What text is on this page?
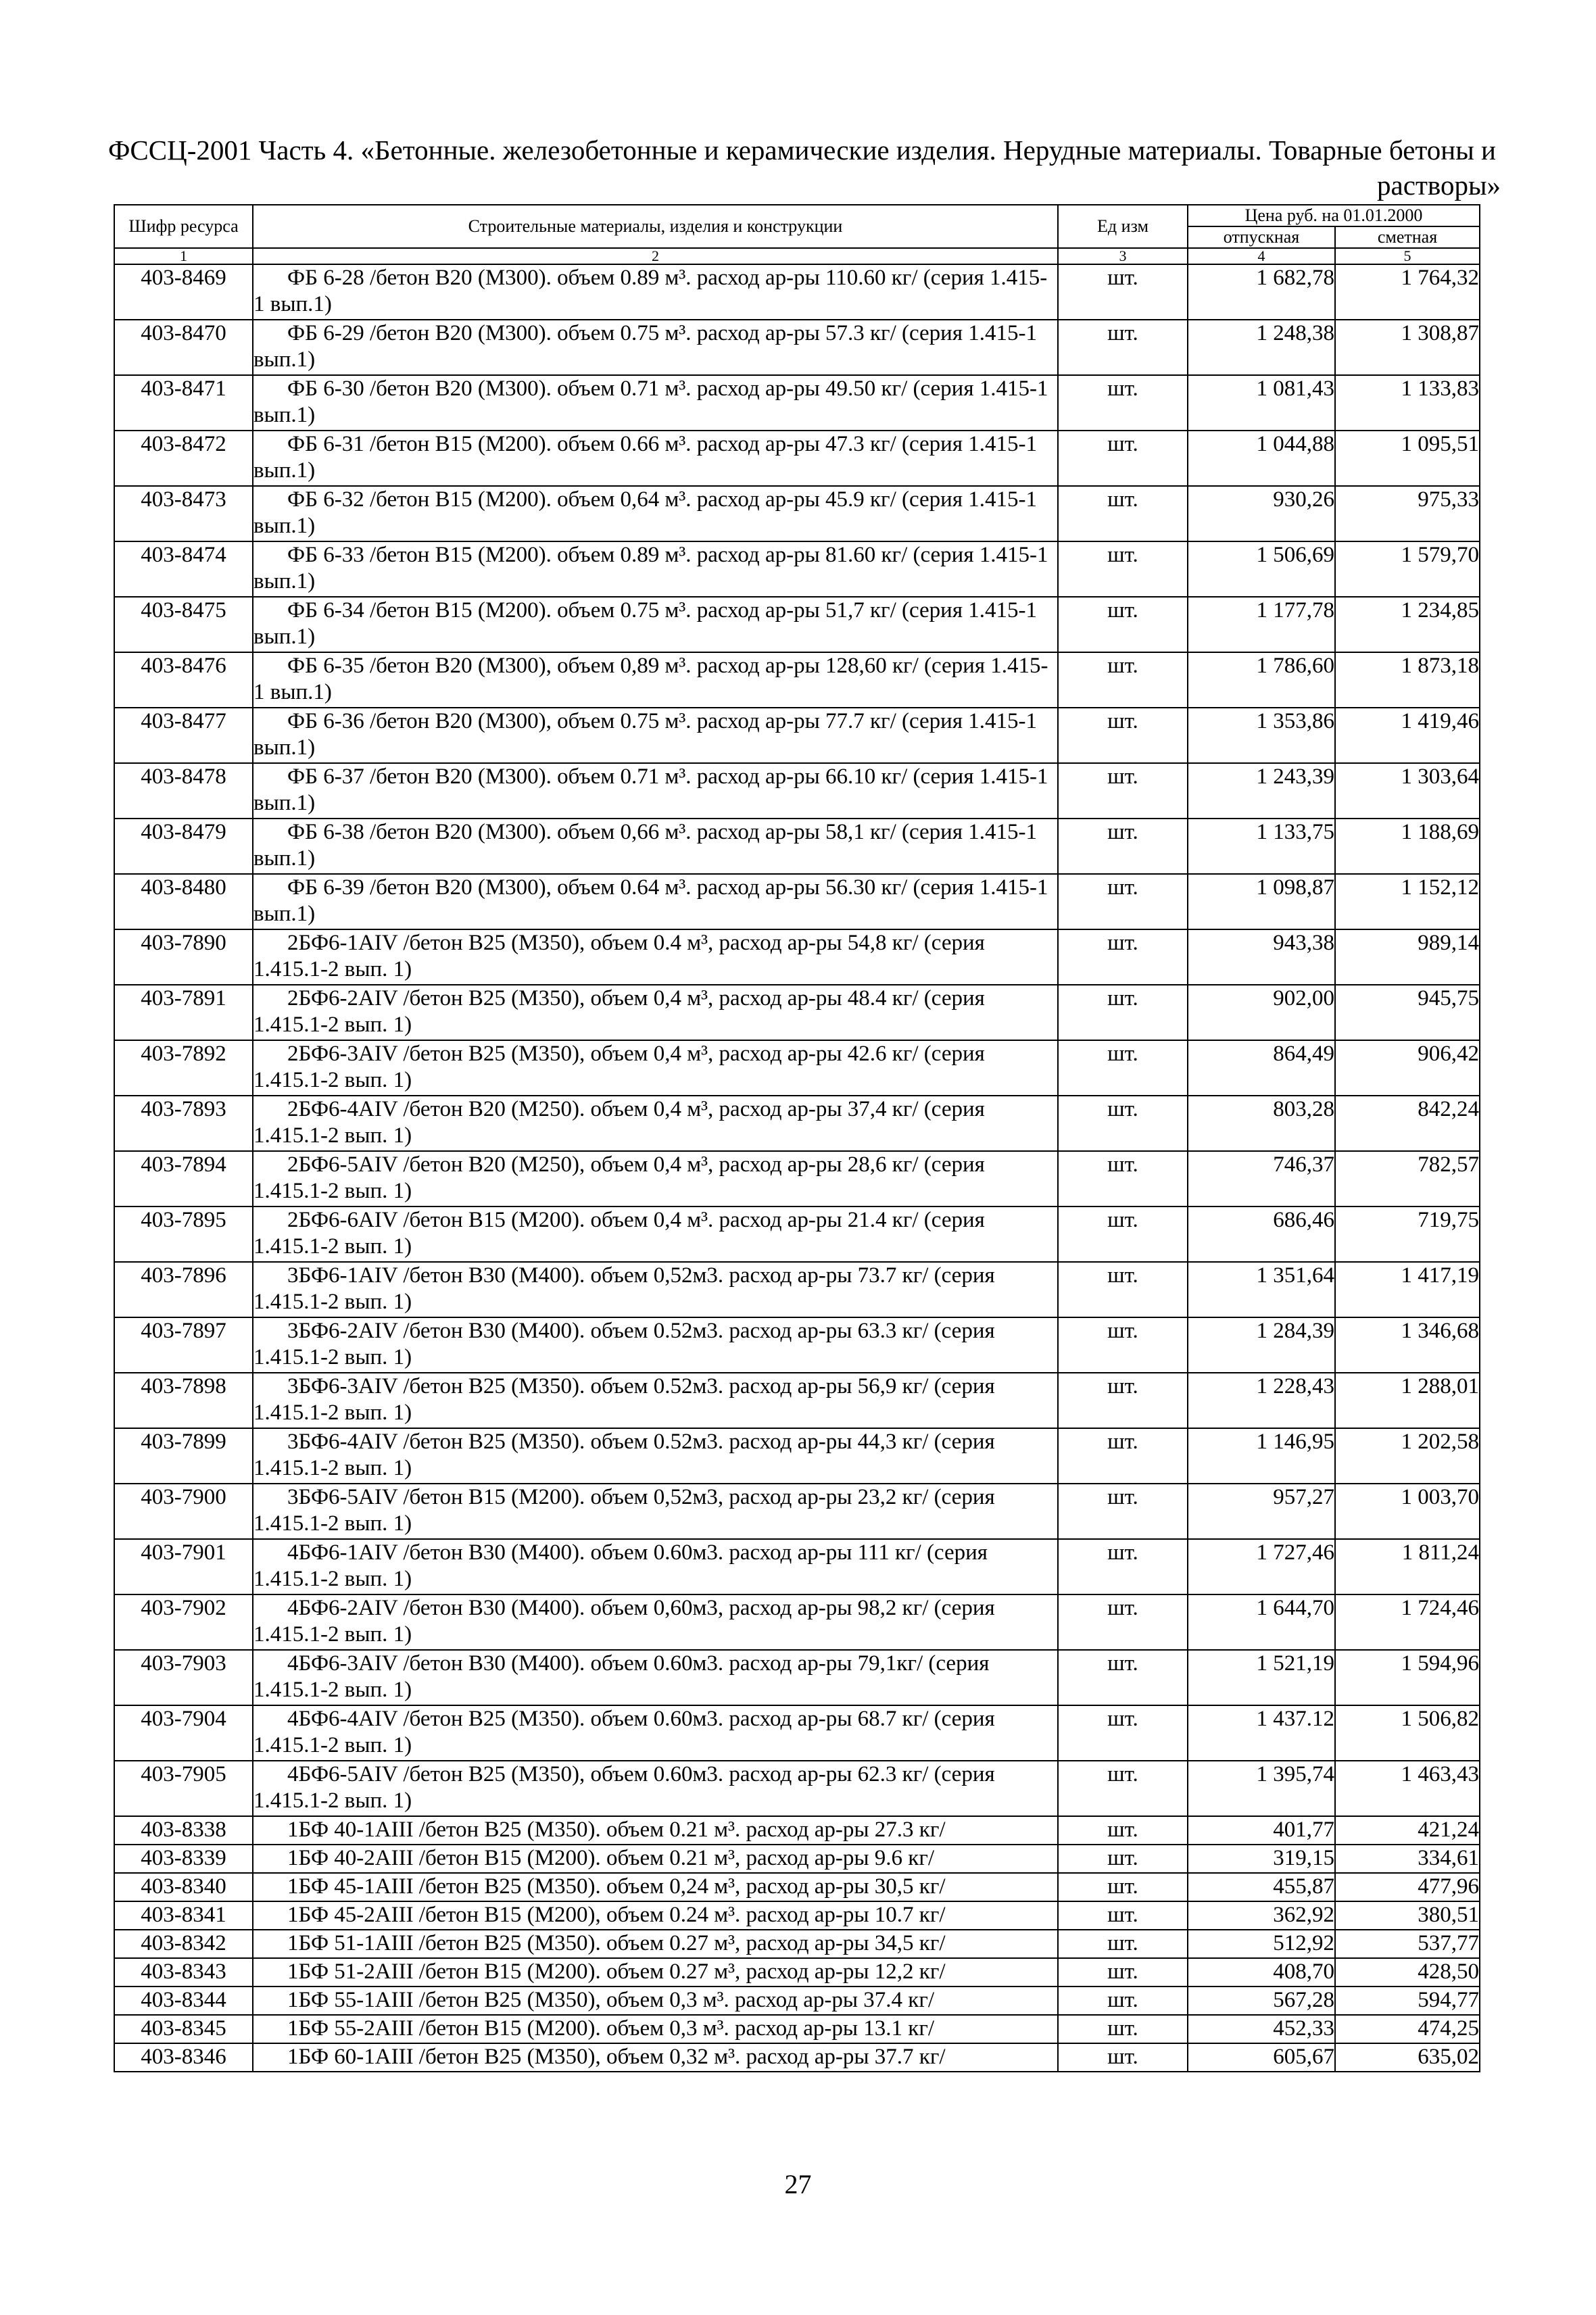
ФССЦ-2001 Часть 4. «Бетонные. железобетонные и керамические изделия. Нерудные материалы. Товарные бетоны и
растворы»
Шифр ресурса	Строительные материалы, изделия и конструкции	Ед изм	Цена руб. на 01.01.2000	
			отпускная	сметная
1	2	3	4	5
403-8469	ФБ 6-28 /бетон В20 (М300). объем 0.89 м³. расход ар-ры 110.60 кг/ (серия 1.415-1 вып.1)	шт.	1 682,78	1 764,32
403-8470	ФБ 6-29 /бетон В20 (М300). объем 0.75 м³. расход ар-ры 57.3 кг/ (серия 1.415-1 вып.1)	шт.	1 248,38	1 308,87
403-8471	ФБ 6-30 /бетон В20 (М300). объем 0.71 м³. расход ар-ры 49.50 кг/ (серия 1.415-1 вып.1)	шт.	1 081,43	1 133,83
403-8472	ФБ 6-31 /бетон В15 (М200). объем 0.66 м³. расход ар-ры 47.3 кг/ (серия 1.415-1 вып.1)	шт.	1 044,88	1 095,51
403-8473	ФБ 6-32 /бетон В15 (М200). объем 0,64 м³. расход ар-ры 45.9 кг/ (серия 1.415-1 вып.1)	шт.	930,26	975,33
403-8474	ФБ 6-33 /бетон В15 (М200). объем 0.89 м³. расход ар-ры 81.60 кг/ (серия 1.415-1 вып.1)	шт.	1 506,69	1 579,70
403-8475	ФБ 6-34 /бетон В15 (М200). объем 0.75 м³. расход ар-ры 51,7 кг/ (серия 1.415-1 вып.1)	шт.	1 177,78	1 234,85
403-8476	ФБ 6-35 /бетон В20 (М300), объем 0,89 м³. расход ар-ры 128,60 кг/ (серия 1.415-1 вып.1)	шт.	1 786,60	1 873,18
403-8477	ФБ 6-36 /бетон В20 (М300), объем 0.75 м³. расход ар-ры 77.7 кг/ (серия 1.415-1 вып.1)	шт.	1 353,86	1 419,46
403-8478	ФБ 6-37 /бетон В20 (М300). объем 0.71 м³. расход ар-ры 66.10 кг/ (серия 1.415-1 вып.1)	шт.	1 243,39	1 303,64
403-8479	ФБ 6-38 /бетон В20 (М300). объем 0,66 м³. расход ар-ры 58,1 кг/ (серия 1.415-1 вып.1)	шт.	1 133,75	1 188,69
403-8480	ФБ 6-39 /бетон В20 (М300), объем 0.64 м³. расход ар-ры 56.30 кг/ (серия 1.415-1 вып.1)	шт.	1 098,87	1 152,12
403-7890	2БФ6-1АIV /бетон В25 (М350), объем 0.4 м³, расход ар-ры 54,8 кг/ (серия 1.415.1-2 вып. 1)	шт.	943,38	989,14
403-7891	2БФ6-2АIV /бетон В25 (М350), объем 0,4 м³, расход ар-ры 48.4 кг/ (серия 1.415.1-2 вып. 1)	шт.	902,00	945,75
403-7892	2БФ6-3АIV /бетон В25 (М350), объем 0,4 м³, расход ар-ры 42.6 кг/ (серия 1.415.1-2 вып. 1)	шт.	864,49	906,42
403-7893	2БФ6-4АIV /бетон В20 (М250). объем 0,4 м³, расход ар-ры 37,4 кг/ (серия 1.415.1-2 вып. 1)	шт.	803,28	842,24
403-7894	2БФ6-5АIV /бетон В20 (М250), объем 0,4 м³, расход ар-ры 28,6 кг/ (серия 1.415.1-2 вып. 1)	шт.	746,37	782,57
403-7895	2БФ6-6АIV /бетон В15 (М200). объем 0,4 м³. расход ар-ры 21.4 кг/ (серия 1.415.1-2 вып. 1)	шт.	686,46	719,75
403-7896	3БФ6-1АIV /бетон В30 (М400). объем 0,52м3. расход ар-ры 73.7 кг/ (серия 1.415.1-2 вып. 1)	шт.	1 351,64	1 417,19
403-7897	3БФ6-2АIV /бетон В30 (М400). объем 0.52м3. расход ар-ры 63.3 кг/ (серия 1.415.1-2 вып. 1)	шт.	1 284,39	1 346,68
403-7898	3БФ6-3АIV /бетон В25 (М350). объем 0.52м3. расход ар-ры 56,9 кг/ (серия 1.415.1-2 вып. 1)	шт.	1 228,43	1 288,01
403-7899	3БФ6-4АIV /бетон В25 (М350). объем 0.52м3. расход ар-ры 44,3 кг/ (серия 1.415.1-2 вып. 1)	шт.	1 146,95	1 202,58
403-7900	3БФ6-5АIV /бетон В15 (М200). объем 0,52м3, расход ар-ры 23,2 кг/ (серия 1.415.1-2 вып. 1)	шт.	957,27	1 003,70
403-7901	4БФ6-1АIV /бетон В30 (М400). объем 0.60м3. расход ар-ры 111 кг/ (серия 1.415.1-2 вып. 1)	шт.	1 727,46	1 811,24
403-7902	4БФ6-2АIV /бетон В30 (М400). объем 0,60м3, расход ар-ры 98,2 кг/ (серия 1.415.1-2 вып. 1)	шт.	1 644,70	1 724,46
403-7903	4БФ6-3АIV /бетон В30 (М400). объем 0.60м3. расход ар-ры 79,1кг/ (серия 1.415.1-2 вып. 1)	шт.	1 521,19	1 594,96
403-7904	4БФ6-4АIV /бетон В25 (М350). объем 0.60м3. расход ар-ры 68.7 кг/ (серия 1.415.1-2 вып. 1)	шт.	1 437.12	1 506,82
403-7905	4БФ6-5АIV /бетон В25 (М350), объем 0.60м3. расход ар-ры 62.3 кг/ (серия 1.415.1-2 вып. 1)	шт.	1 395,74	1 463,43
403-8338	1БФ 40-1АIII /бетон В25 (М350). объем 0.21 м³. расход ар-ры 27.3 кг/	шт.	401,77	421,24
403-8339	1БФ 40-2АIII /бетон В15 (М200). объем 0.21 м³, расход ар-ры 9.6 кг/	шт.	319,15	334,61
403-8340	1БФ 45-1АIII /бетон В25 (М350). объем 0,24 м³, расход ар-ры 30,5 кг/	шт.	455,87	477,96
403-8341	1БФ 45-2АIII /бетон В15 (М200), объем 0.24 м³. расход ар-ры 10.7 кг/	шт.	362,92	380,51
403-8342	1БФ 51-1АIII /бетон В25 (М350). объем 0.27 м³, расход ар-ры 34,5 кг/	шт.	512,92	537,77
403-8343	1БФ 51-2АIII /бетон В15 (М200). объем 0.27 м³, расход ар-ры 12,2 кг/	шт.	408,70	428,50
403-8344	1БФ 55-1АIII /бетон В25 (М350), объем 0,3 м³. расход ар-ры 37.4 кг/	шт.	567,28	594,77
403-8345	1БФ 55-2АIII /бетон В15 (М200). объем 0,3 м³. расход ар-ры 13.1 кг/	шт.	452,33	474,25
403-8346	1БФ 60-1АIII /бетон В25 (М350), объем 0,32 м³. расход ар-ры 37.7 кг/	шт.	605,67	635,02
27
